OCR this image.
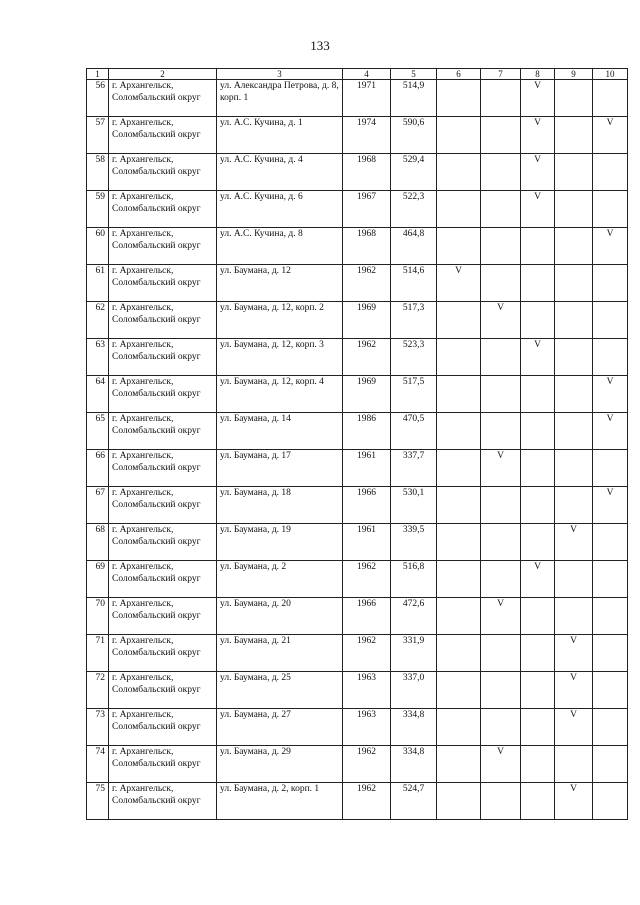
133
1	2	3	4	5	6	7	8	9	10
56	г. Архангельск, Соломбальский округ	ул. Александра Петрова, д. 8, корп. 1	1971	514,9			V		
57	г. Архангельск, Соломбальский округ	ул. А.С. Кучина, д. 1	1974	590,6			V		V
58	г. Архангельск, Соломбальский округ	ул. А.С. Кучина, д. 4	1968	529,4			V		
59	г. Архангельск, Соломбальский округ	ул. А.С. Кучина, д. 6	1967	522,3			V		
60	г. Архангельск, Соломбальский округ	ул. А.С. Кучина, д. 8	1968	464,8					V
61	г. Архангельск, Соломбальский округ	ул. Баумана, д. 12	1962	514,6	V				
62	г. Архангельск, Соломбальский округ	ул. Баумана, д. 12, корп. 2	1969	517,3		V			
63	г. Архангельск, Соломбальский округ	ул. Баумана, д. 12, корп. 3	1962	523,3			V		
64	г. Архангельск, Соломбальский округ	ул. Баумана, д. 12, корп. 4	1969	517,5					V
65	г. Архангельск, Соломбальский округ	ул. Баумана, д. 14	1986	470,5					V
66	г. Архангельск, Соломбальский округ	ул. Баумана, д. 17	1961	337,7		V			
67	г. Архангельск, Соломбальский округ	ул. Баумана, д. 18	1966	530,1					V
68	г. Архангельск, Соломбальский округ	ул. Баумана, д. 19	1961	339,5				V	
69	г. Архангельск, Соломбальский округ	ул. Баумана, д. 2	1962	516,8			V		
70	г. Архангельск, Соломбальский округ	ул. Баумана, д. 20	1966	472,6		V			
71	г. Архангельск, Соломбальский округ	ул. Баумана, д. 21	1962	331,9				V	
72	г. Архангельск, Соломбальский округ	ул. Баумана, д. 25	1963	337,0				V	
73	г. Архангельск, Соломбальский округ	ул. Баумана, д. 27	1963	334,8				V	
74	г. Архангельск, Соломбальский округ	ул. Баумана, д. 29	1962	334,8		V			
75	г. Архангельск, Соломбальский округ	ул. Баумана, д. 2, корп. 1	1962	524,7				V	
